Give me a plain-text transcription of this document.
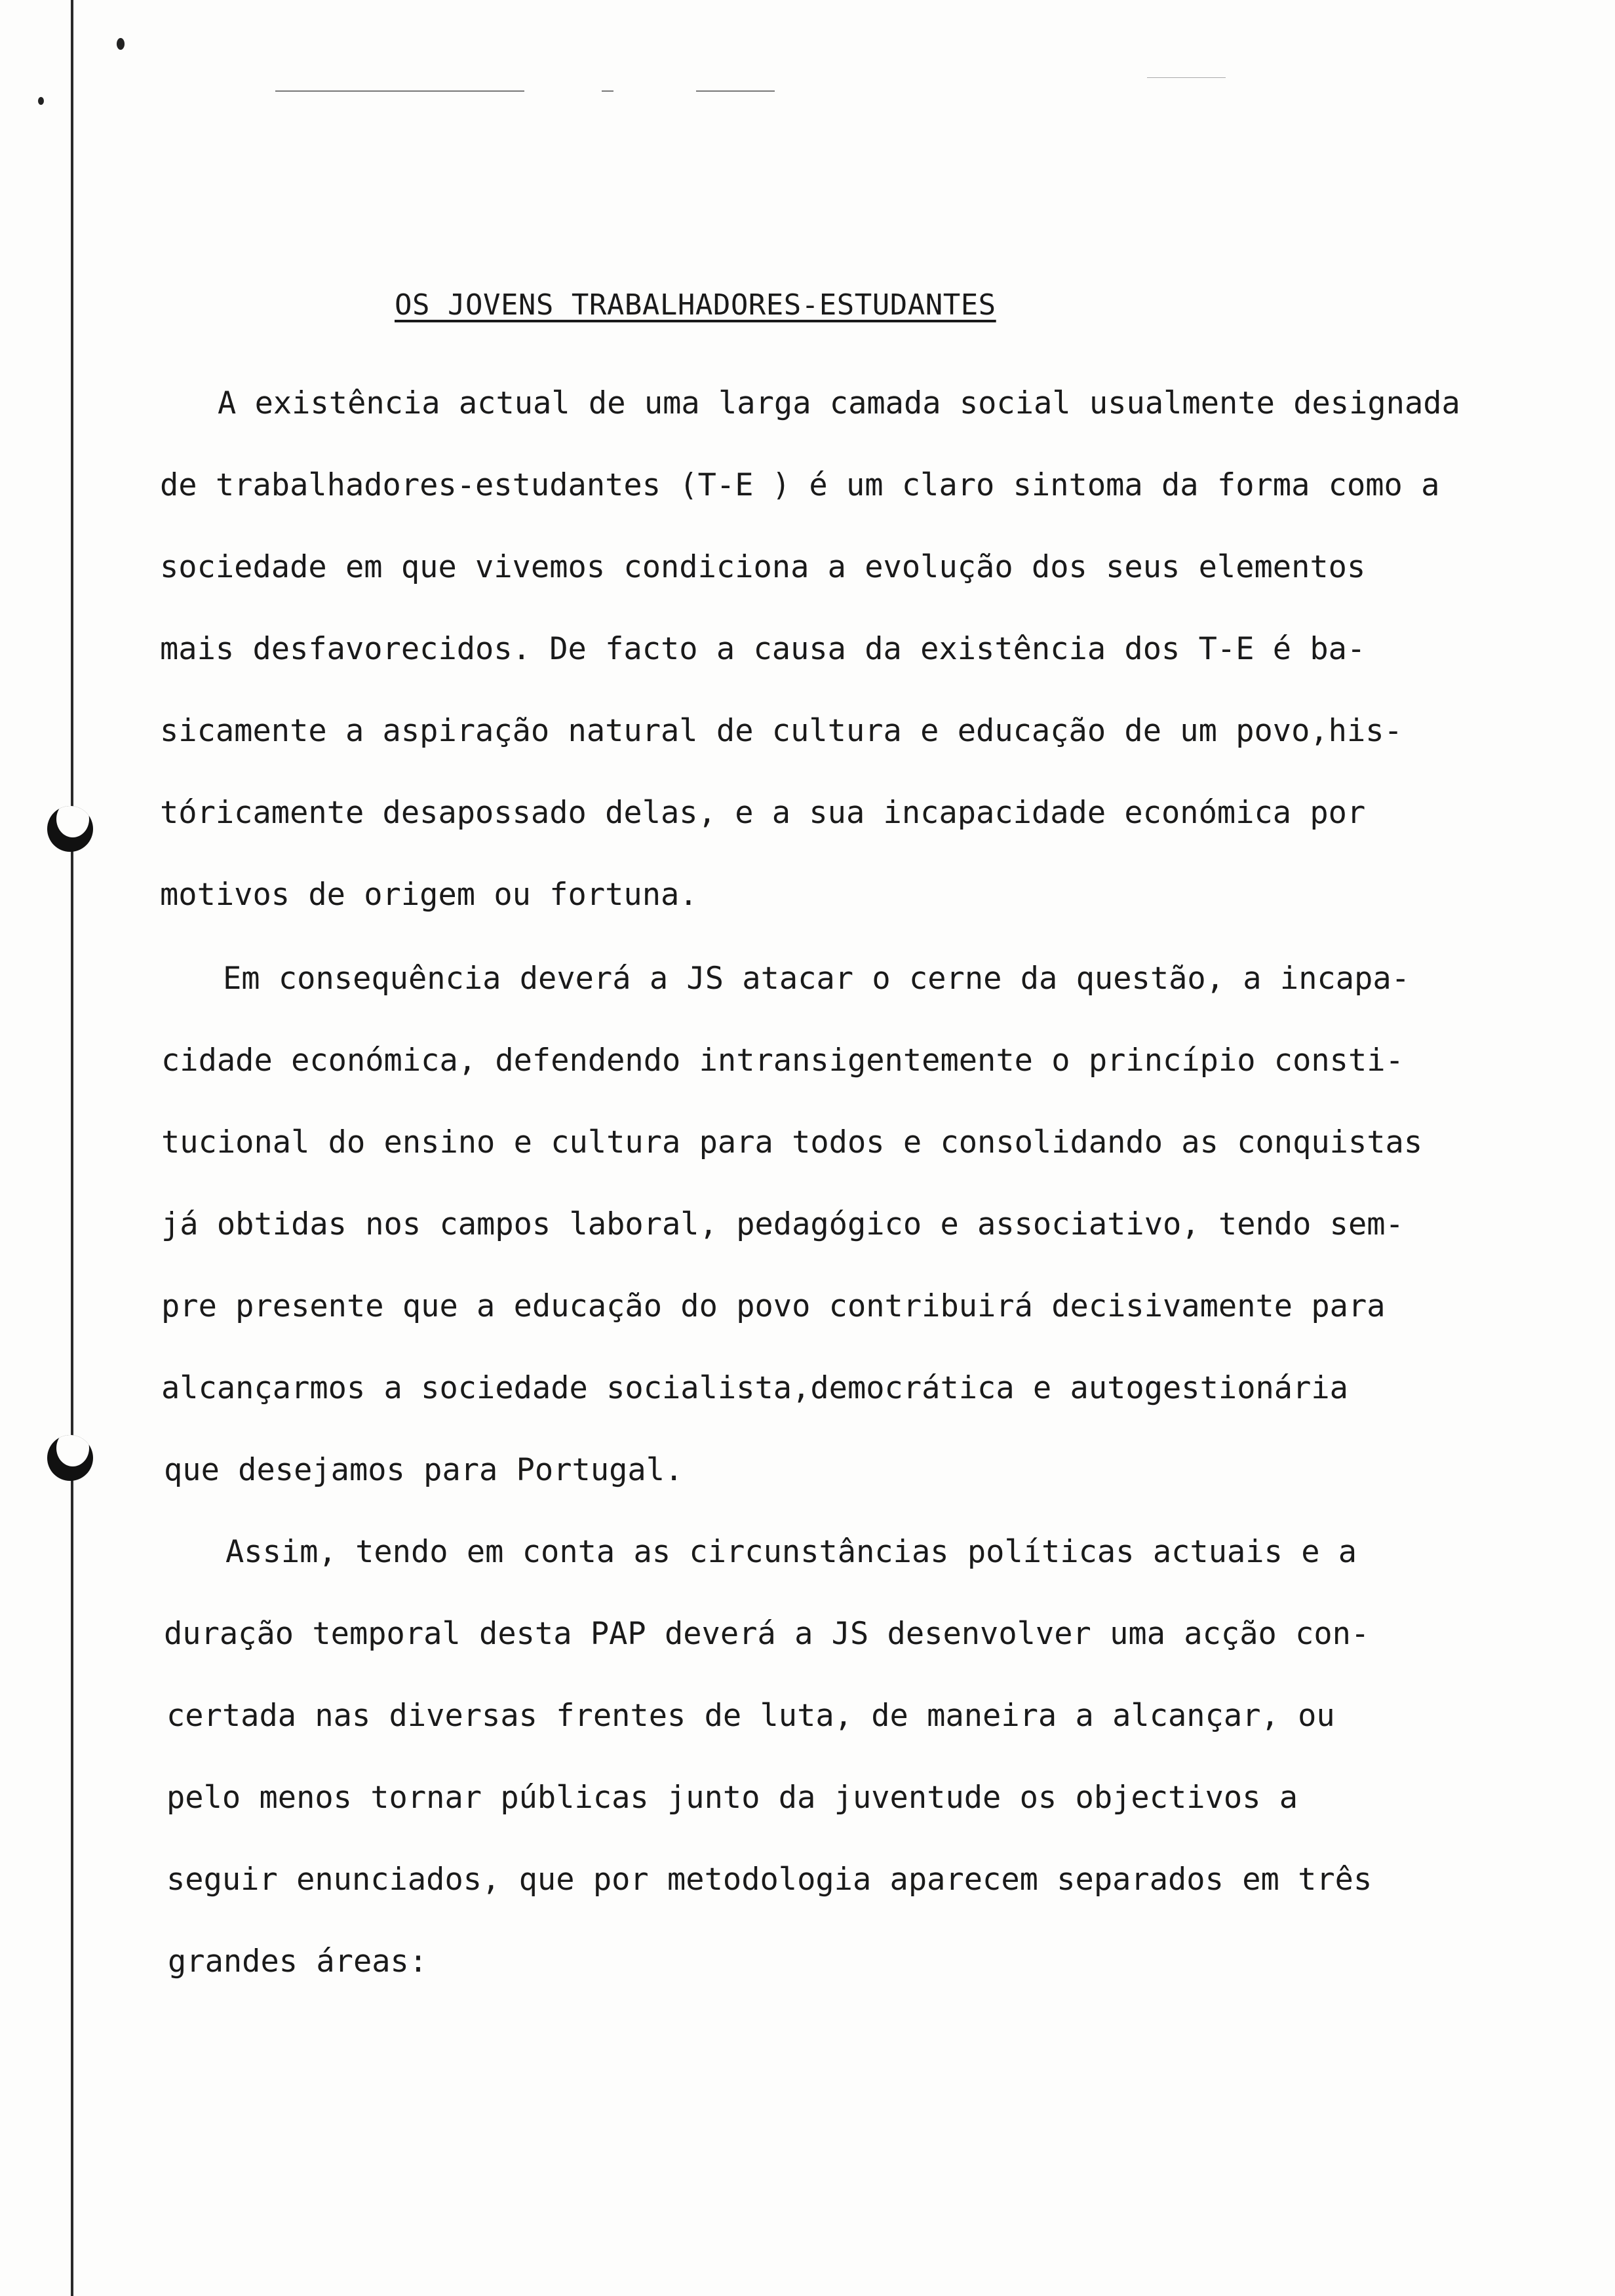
OS JOVENS TRABALHADORES-ESTUDANTES
A existência actual de uma larga camada social usualmente designada
de trabalhadores-estudantes (T-E ) é um claro sintoma da forma como a
sociedade em que vivemos condiciona a evolução dos seus elementos
mais desfavorecidos. De facto a causa da existência dos T-E é ba-
sicamente a aspiração natural de cultura e educação de um povo,his-
tóricamente desapossado delas, e a sua incapacidade económica por
motivos de origem ou fortuna.
Em consequência deverá a JS atacar o cerne da questão, a incapa-
cidade económica, defendendo intransigentemente o princípio consti-
tucional do ensino e cultura para todos e consolidando as conquistas
já obtidas nos campos laboral, pedagógico e associativo, tendo sem-
pre presente que a educação do povo contribuirá decisivamente para
alcançarmos a sociedade socialista,democrática e autogestionária
que desejamos para Portugal.
Assim, tendo em conta as circunstâncias políticas actuais e a
duração temporal desta PAP deverá a JS desenvolver uma acção con-
certada nas diversas frentes de luta, de maneira a alcançar, ou
pelo menos tornar públicas junto da juventude os objectivos a
seguir enunciados, que por metodologia aparecem separados em três
grandes áreas:
